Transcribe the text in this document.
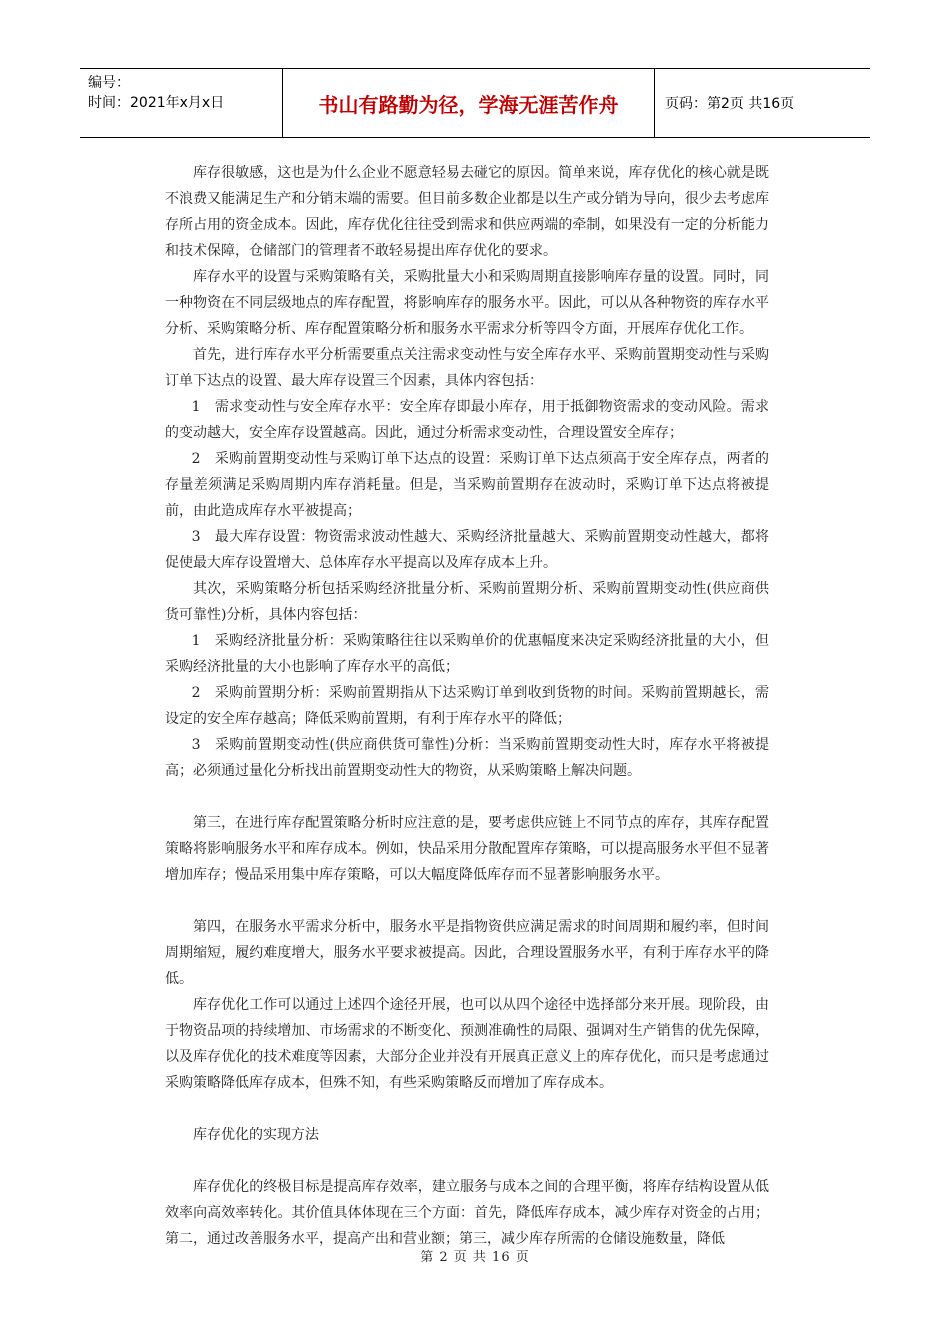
编号：
时间：2021年x月x日	书山有路勤为径，学海无涯苦作舟	页码：第2页 共16页

库存很敏感，这也是为什么企业不愿意轻易去碰它的原因。简单来说，库存优化的核心就是既不浪费又能满足生产和分销末端的需要。但目前多数企业都是以生产或分销为导向，很少去考虑库存所占用的资金成本。因此，库存优化往往受到需求和供应两端的牵制，如果没有一定的分析能力和技术保障，仓储部门的管理者不敢轻易提出库存优化的要求。

库存水平的设置与采购策略有关，采购批量大小和采购周期直接影响库存量的设置。同时，同一种物资在不同层级地点的库存配置，将影响库存的服务水平。因此，可以从各种物资的库存水平分析、采购策略分析、库存配置策略分析和服务水平需求分析等四令方面，开展库存优化工作。

首先，进行库存水平分析需要重点关注需求变动性与安全库存水平、采购前置期变动性与采购订单下达点的设置、最大库存设置三个因素，具体内容包括：

1　需求变动性与安全库存水平：安全库存即最小库存，用于抵御物资需求的变动风险。需求的变动越大，安全库存设置越高。因此，通过分析需求变动性，合理设置安全库存；

2　采购前置期变动性与采购订单下达点的设置：采购订单下达点须高于安全库存点，两者的存量差须满足采购周期内库存消耗量。但是，当采购前置期存在波动时，采购订单下达点将被提前，由此造成库存水平被提高；

3　最大库存设置：物资需求波动性越大、采购经济批量越大、采购前置期变动性越大，都将促使最大库存设置增大、总体库存水平提高以及库存成本上升。

其次，采购策略分析包括采购经济批量分析、采购前置期分析、采购前置期变动性(供应商供货可靠性)分析，具体内容包括：

1　采购经济批量分析：采购策略往往以采购单价的优惠幅度来决定采购经济批量的大小，但采购经济批量的大小也影响了库存水平的高低；

2　采购前置期分析：采购前置期指从下达采购订单到收到货物的时间。采购前置期越长，需设定的安全库存越高；降低采购前置期，有利于库存水平的降低；

3　采购前置期变动性(供应商供货可靠性)分析：当采购前置期变动性大时，库存水平将被提高；必须通过量化分析找出前置期变动性大的物资，从采购策略上解决问题。

第三，在进行库存配置策略分析时应注意的是，要考虑供应链上不同节点的库存，其库存配置策略将影响服务水平和库存成本。例如，快品采用分散配置库存策略，可以提高服务水平但不显著增加库存；慢品采用集中库存策略，可以大幅度降低库存而不显著影响服务水平。

第四，在服务水平需求分析中，服务水平是指物资供应满足需求的时间周期和履约率，但时间周期缩短，履约难度增大，服务水平要求被提高。因此，合理设置服务水平，有利于库存水平的降低。

库存优化工作可以通过上述四个途径开展，也可以从四个途径中选择部分来开展。现阶段，由于物资品项的持续增加、市场需求的不断变化、预测准确性的局限、强调对生产销售的优先保障，以及库存优化的技术难度等因素，大部分企业并没有开展真正意义上的库存优化，而只是考虑通过采购策略降低库存成本，但殊不知，有些采购策略反而增加了库存成本。

库存优化的实现方法

库存优化的终极目标是提高库存效率，建立服务与成本之间的合理平衡，将库存结构设置从低效率向高效率转化。其价值具体体现在三个方面：首先，降低库存成本，减少库存对资金的占用；第二，通过改善服务水平，提高产出和营业额；第三，减少库存所需的仓储设施数量，降低

第 2 页 共 16 页
